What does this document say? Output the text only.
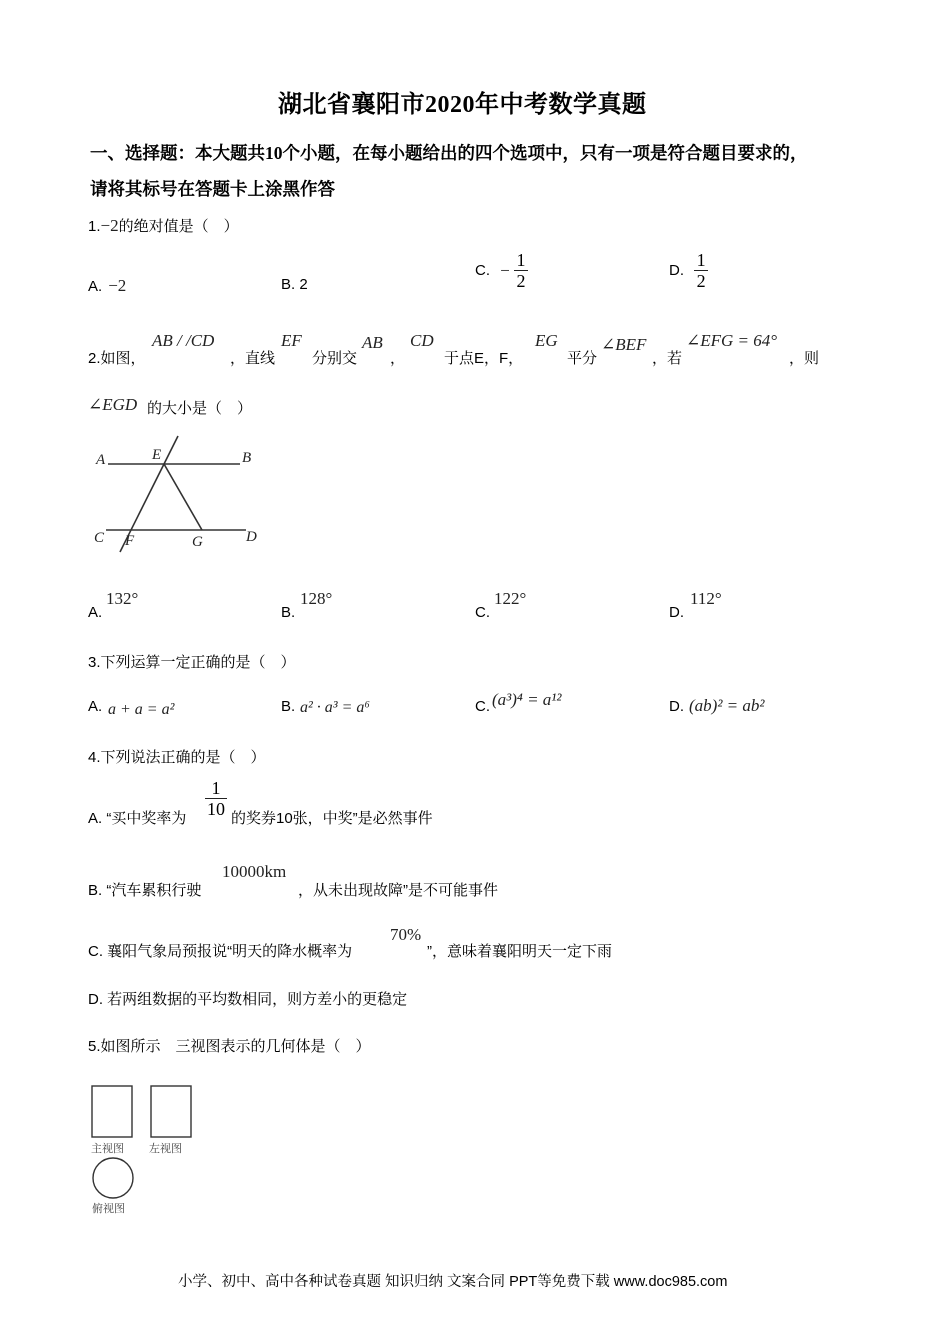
湖北省襄阳市2020年中考数学真题
一、选择题：本大题共10个小题，在每小题给出的四个选项中，只有一项是符合题目要求的，
请将其标号在答题卡上涂黑作答
1.−2的绝对值是（　）
A. −2	B. 2
C. − $\frac{1}{2}$	D. $\frac{1}{2}$
2.如图，
AB / /CD
，直线
EF
分别交
AB
，
CD
于点E，F，
EG
平分
∠BEF
，若
∠EFG = 64°
，则
∠EGD 的大小是（　）
A	E	B
C F	G	D
A.
132°
B.
128°
C.
122°
D.
112°
3.下列运算一定正确的是（　）
A. a + a = a²	B. a² · a³ = a⁶	C. (a³)⁴ = a¹²	D. (ab)² = ab²
4.下列说法正确的是（　）
A. “买中奖率为 $\frac{1}{10}$ 的奖券10张，中奖”是必然事件
B. “汽车累积行驶
10000km
，从未出现故障”是不可能事件
C. 襄阳气象局预报说“明天的降水概率为
70%
”，意味着襄阳明天一定下雨
D. 若两组数据的平均数相同，则方差小的更稳定
5.如图所示　三视图表示的几何体是（　）
主视图 左视图
俯视图
小学、初中、高中各种试卷真题 知识归纳 文案合同 PPT等免费下载 www.doc985.com
